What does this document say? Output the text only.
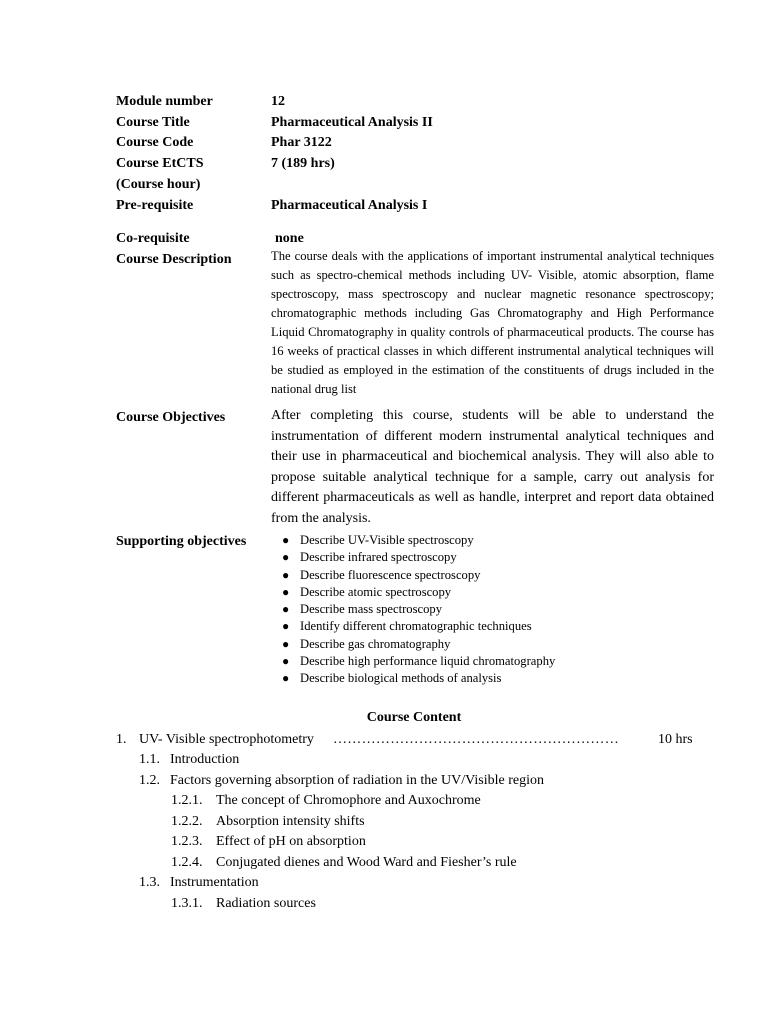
Module number	12
Course Title	Pharmaceutical Analysis II
Course Code	Phar 3122
Course EtCTS	7 (189 hrs)
(Course hour)
Pre-requisite	Pharmaceutical Analysis I
Co-requisite	none
Course Description	The course deals with the applications of important instrumental analytical techniques such as spectro-chemical methods including UV- Visible, atomic absorption, flame spectroscopy, mass spectroscopy and nuclear magnetic resonance spectroscopy; chromatographic methods including Gas Chromatography and High Performance Liquid Chromatography in quality controls of pharmaceutical products. The course has 16 weeks of practical classes in which different instrumental analytical techniques will be studied as employed in the estimation of the constituents of drugs included in the national drug list

Course Objectives	After completing this course, students will be able to understand the instrumentation of different modern instrumental analytical techniques and their use in pharmaceutical and biochemical analysis. They will also able to propose suitable analytical technique for a sample, carry out analysis for different pharmaceuticals as well as handle, interpret and report data obtained from the analysis.

Supporting objectives	● Describe UV-Visible spectroscopy
● Describe infrared spectroscopy
● Describe fluorescence spectroscopy
● Describe atomic spectroscopy
● Describe mass spectroscopy
● Identify different chromatographic techniques
● Describe gas chromatography
● Describe high performance liquid chromatography
● Describe biological methods of analysis
Course Content
1. UV- Visible spectrophotometry ……………………………………………………	10 hrs
1.1. Introduction
1.2. Factors governing absorption of radiation in the UV/Visible region
1.2.1. The concept of Chromophore and Auxochrome
1.2.2. Absorption intensity shifts
1.2.3. Effect of pH on absorption
1.2.4. Conjugated dienes and Wood Ward and Fiesher’s rule
1.3. Instrumentation
1.3.1. Radiation sources
